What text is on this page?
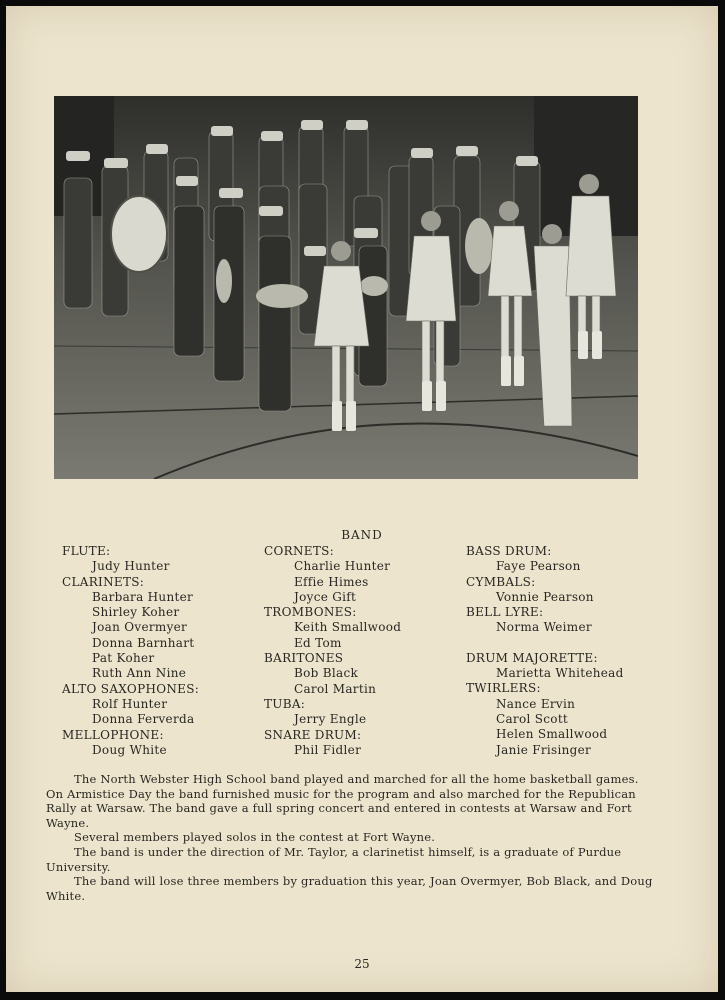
BAND
FLUTE:
Judy Hunter
CLARINETS:
Barbara Hunter
Shirley Koher
Joan Overmyer
Donna Barnhart
Pat Koher
Ruth Ann Nine
ALTO SAXOPHONES:
Rolf Hunter
Donna Ferverda
MELLOPHONE:
Doug White
CORNETS:
Charlie Hunter
Effie Himes
Joyce Gift
TROMBONES:
Keith Smallwood
Ed Tom
BARITONES
Bob Black
Carol Martin
TUBA:
Jerry Engle
SNARE DRUM:
Phil Fidler
BASS DRUM:
Faye Pearson
CYMBALS:
Vonnie Pearson
BELL LYRE:
Norma Weimer
DRUM MAJORETTE:
Marietta Whitehead
TWIRLERS:
Nance Ervin
Carol Scott
Helen Smallwood
Janie Frisinger

The North Webster High School band played and marched for all the home basketball games. On Armistice Day the band furnished music for the program and also marched for the Republican Rally at Warsaw. The band gave a full spring concert and entered in contests at Warsaw and Fort Wayne.

Several members played solos in the contest at Fort Wayne.

The band is under the direction of Mr. Taylor, a clarinetist himself, is a graduate of Purdue University.

The band will lose three members by graduation this year, Joan Overmyer, Bob Black, and Doug White.

25
